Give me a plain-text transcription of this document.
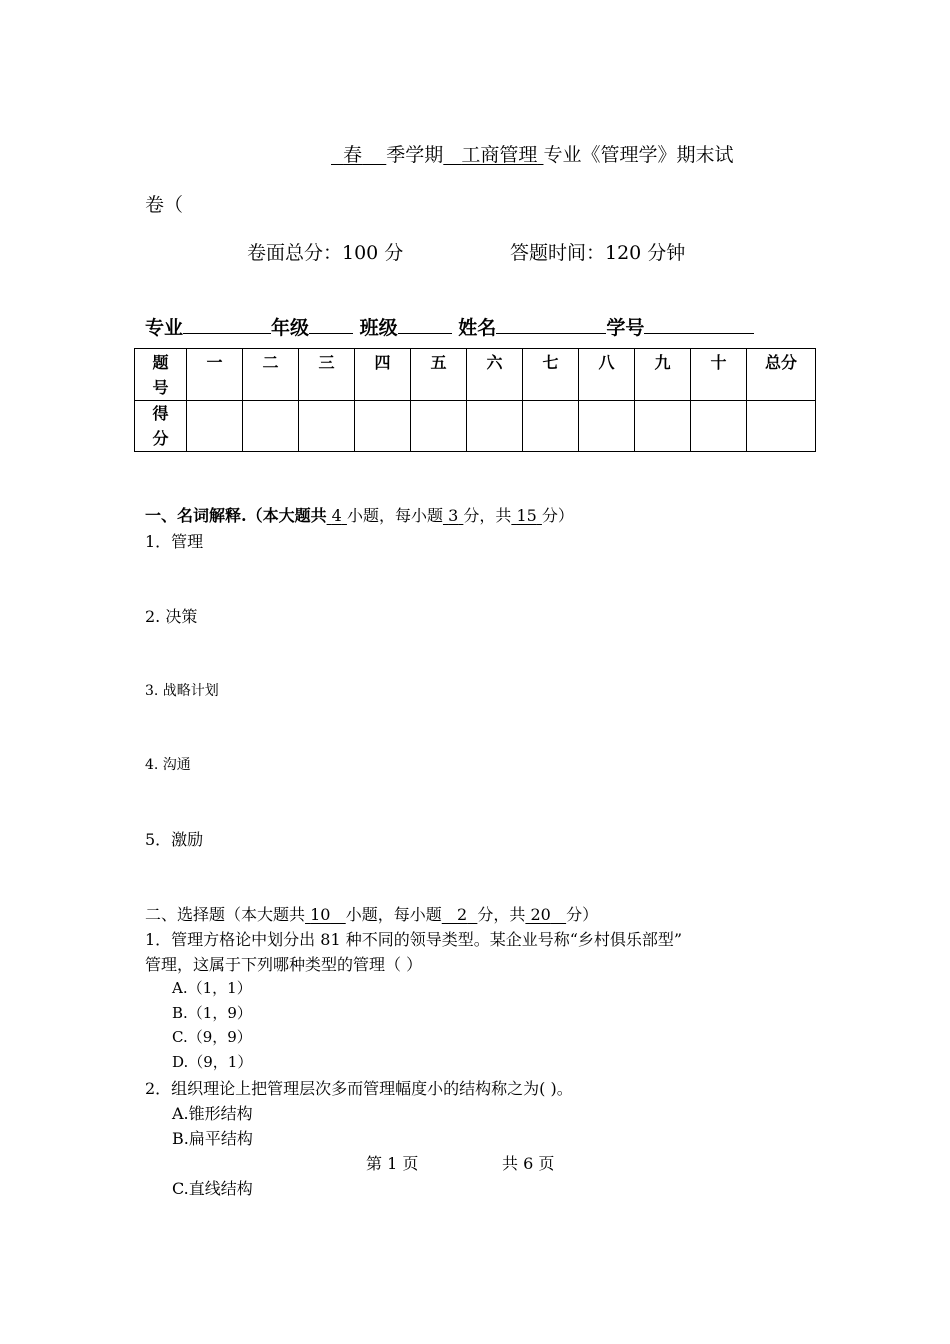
春 季学期 工商管理 专业《管理学》期末试
卷（
卷面总分：100 分	答题时间：120 分钟
专业	年级	班级	姓名	学号
题
号	一	二	三	四	五	六	七	八	九	十	总分
得
分											
一、名词解释.（本大题共 4 小题，每小题 3 分，共 15 分）
1．管理
2. 决策
3. 战略计划
4. 沟通
5．激励
二、选择题（本大题共 10 小题，每小题 2 分，共 20 分）
1．管理方格论中划分出 81 种不同的领导类型。某企业号称“乡村俱乐部型”
管理，这属于下列哪种类型的管理（ ）
A.（1，1）
B.（1，9）
C.（9，9）
D.（9，1）
2．组织理论上把管理层次多而管理幅度小的结构称之为( )。
A.锥形结构
B.扁平结构
第 1 页	共 6 页
C.直线结构
